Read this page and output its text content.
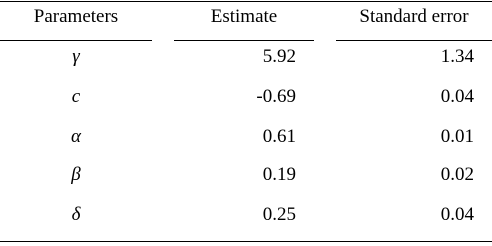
Parameters	Estimate	Standard error
γ	5.92	1.34
c	-0.69	0.04
α	0.61	0.01
β	0.19	0.02
δ	0.25	0.04
